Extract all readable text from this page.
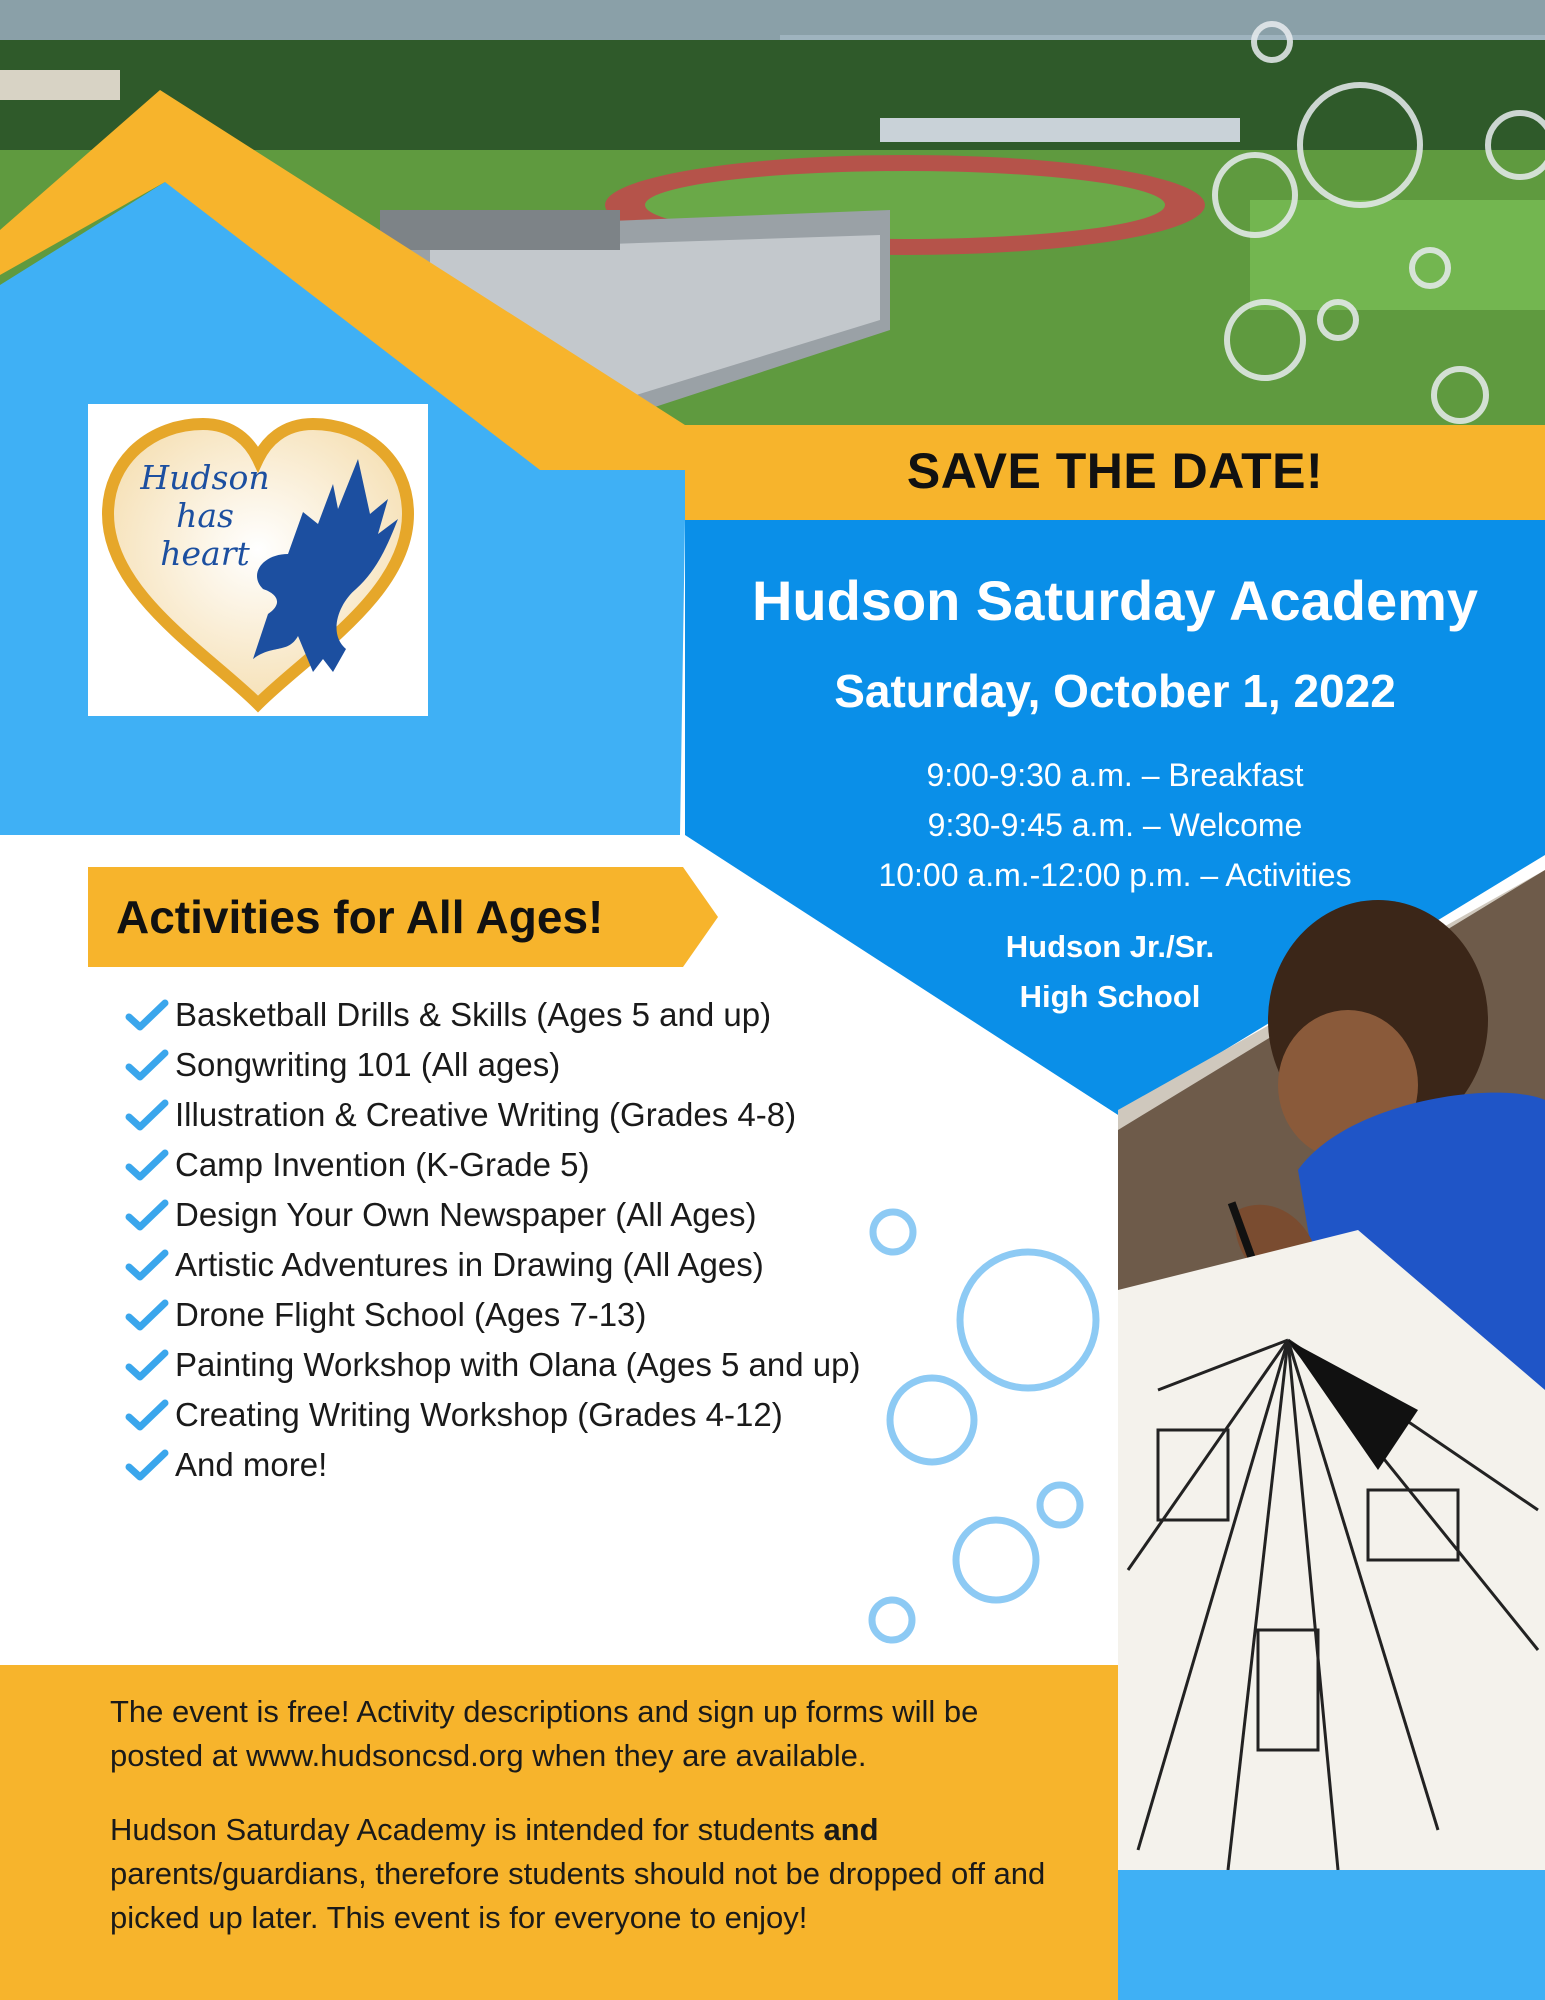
Hudson
has
heart
SAVE THE DATE!
Hudson Saturday Academy
Saturday, October 1, 2022
9:00-9:30 a.m. – Breakfast
9:30-9:45 a.m. – Welcome
10:00 a.m.-12:00 p.m. – Activities
Hudson Jr./Sr.
High School
Activities for All Ages!
Basketball Drills & Skills (Ages 5 and up)
Songwriting 101 (All ages)
Illustration & Creative Writing (Grades 4-8)
Camp Invention (K-Grade 5)
Design Your Own Newspaper (All Ages)
Artistic Adventures in Drawing (All Ages)
Drone Flight School (Ages 7-13)
Painting Workshop with Olana (Ages 5 and up)
Creating Writing Workshop (Grades 4-12)
And more!

The event is free! Activity descriptions and sign up forms will be posted at www.hudsoncsd.org when they are available.

Hudson Saturday Academy is intended for students and parents/guardians, therefore students should not be dropped off and picked up later. This event is for everyone to enjoy!
